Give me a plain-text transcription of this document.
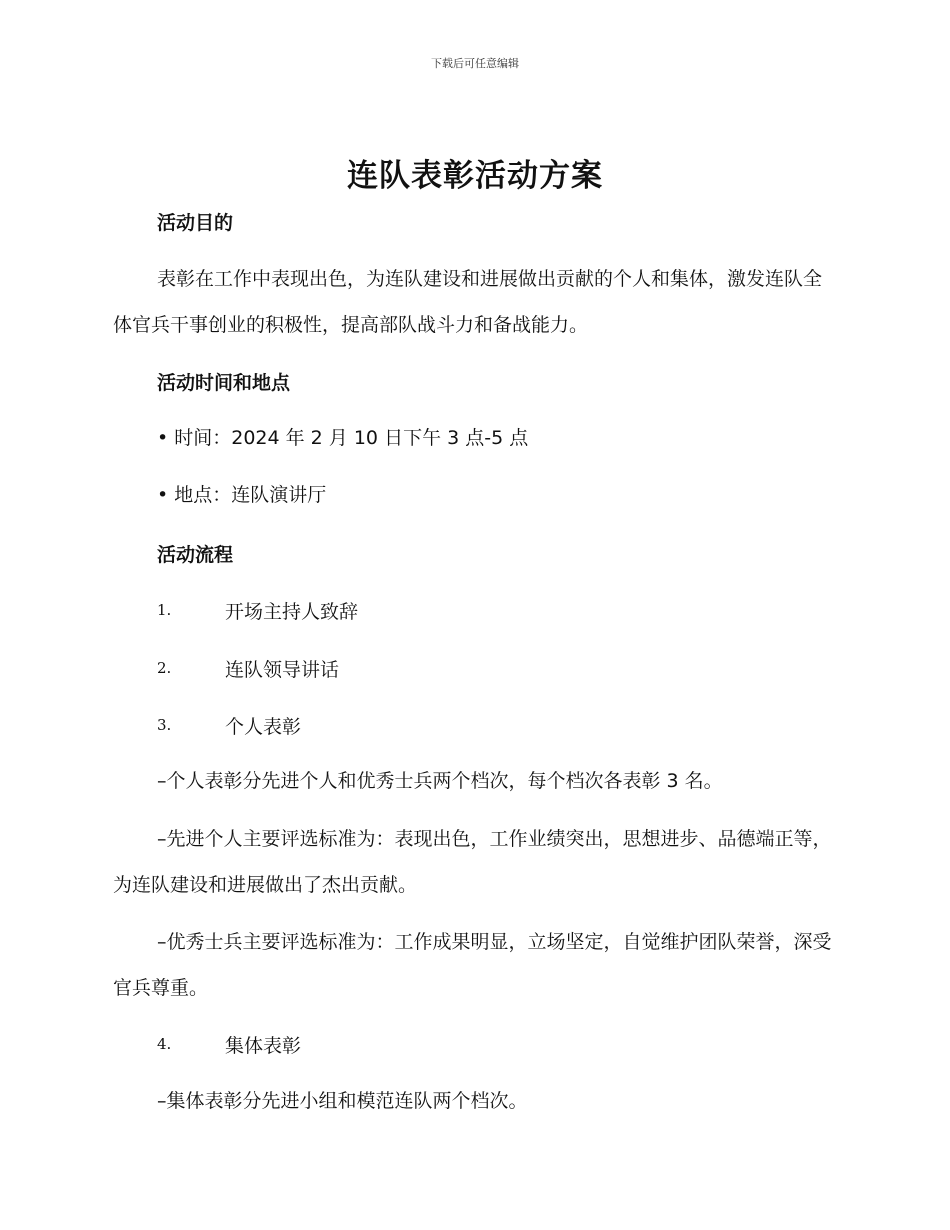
下载后可任意编辑
连队表彰活动方案
活动目的
表彰在工作中表现出色，为连队建设和进展做出贡献的个人和集体，激发连队全体官兵干事创业的积极性，提高部队战斗力和备战能力。
活动时间和地点
• 时间：2024 年 2 月 10 日下午 3 点-5 点
• 地点：连队演讲厅
活动流程
1.	开场主持人致辞
2.	连队领导讲话
3.	个人表彰
–个人表彰分先进个人和优秀士兵两个档次，每个档次各表彰 3 名。
–先进个人主要评选标准为：表现出色，工作业绩突出，思想进步、品德端正等，为连队建设和进展做出了杰出贡献。
–优秀士兵主要评选标准为：工作成果明显，立场坚定，自觉维护团队荣誉，深受官兵尊重。
4.	集体表彰
–集体表彰分先进小组和模范连队两个档次。
